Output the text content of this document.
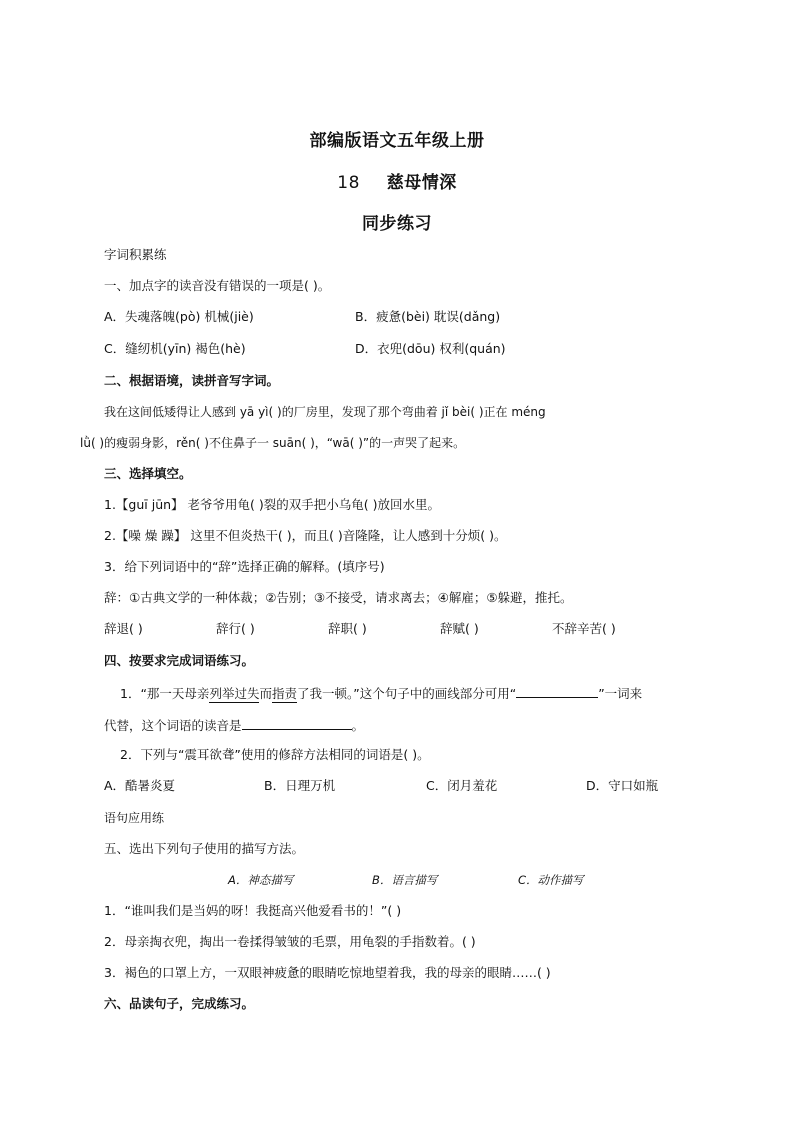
部编版语文五年级上册
18 慈母情深
同步练习
字词积累练
一、加点字的读音没有错误的一项是( )。
A．失魂落魄(pò) 机械(jiè)	B．疲惫(bèi) 耽误(dǎng)
C．缝纫机(yīn) 褐色(hè)	D．衣兜(dōu) 权利(quán)
二、根据语境，读拼音写字词。
我在这间低矮得让人感到 yā yì( )的厂房里，发现了那个弯曲着 jǐ bèi( )正在 méng
lǜ( )的瘦弱身影，rěn( )不住鼻子一 suān( )，“wā( )”的一声哭了起来。
三、选择填空。
1.【guī jūn】 老爷爷用龟( )裂的双手把小乌龟( )放回水里。
2.【噪 燥 躁】 这里不但炎热干( )，而且( )音隆隆，让人感到十分烦( )。
3．给下列词语中的“辞”选择正确的解释。(填序号)
辞：①古典文学的一种体裁；②告别；③不接受，请求离去；④解雇；⑤躲避，推托。
辞退( )	辞行( )	辞职( )	辞赋( )	不辞辛苦( )
四、按要求完成词语练习。
1．“那一天母亲列举过失而指责了我一顿。”这个句子中的画线部分可用“	”一词来
代替，这个词语的读音是	。
2．下列与“震耳欲聋”使用的修辞方法相同的词语是( )。
A．酷暑炎夏	B．日理万机	C．闭月羞花	D．守口如瓶
语句应用练
五、选出下列句子使用的描写方法。
A．神态描写	B．语言描写	C．动作描写
1．“谁叫我们是当妈的呀！我挺高兴他爱看书的！”( )
2．母亲掏衣兜，掏出一卷揉得皱皱的毛票，用龟裂的手指数着。( )
3．褐色的口罩上方，一双眼神疲惫的眼睛吃惊地望着我，我的母亲的眼睛……( )
六、品读句子，完成练习。
